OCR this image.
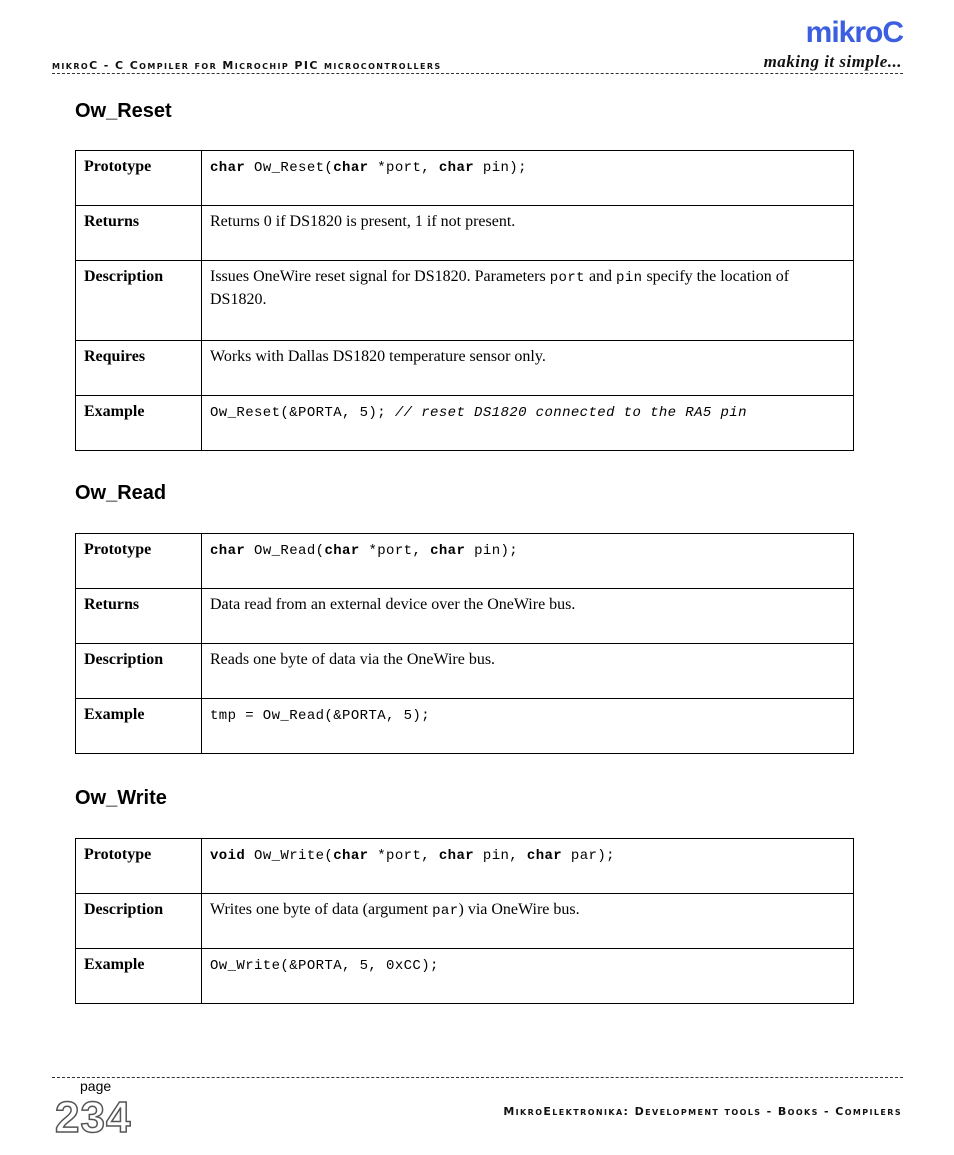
mikroC - C Compiler for Microchip PIC microcontrollers
mikroC
making it simple...
Ow_Reset
Prototype	char Ow_Reset(char *port, char pin);
Returns	Returns 0 if DS1820 is present, 1 if not present.
Description	Issues OneWire reset signal for DS1820. Parameters port and pin specify the location of DS1820.
Requires	Works with Dallas DS1820 temperature sensor only.
Example	Ow_Reset(&PORTA, 5); // reset DS1820 connected to the RA5 pin
Ow_Read
Prototype	char Ow_Read(char *port, char pin);
Returns	Data read from an external device over the OneWire bus.
Description	Reads one byte of data via the OneWire bus.
Example	tmp = Ow_Read(&PORTA, 5);
Ow_Write
Prototype	void Ow_Write(char *port, char pin, char par);
Description	Writes one byte of data (argument par) via OneWire bus.
Example	Ow_Write(&PORTA, 5, 0xCC);
page
234	MikroElektronika: Development tools - Books - Compilers
